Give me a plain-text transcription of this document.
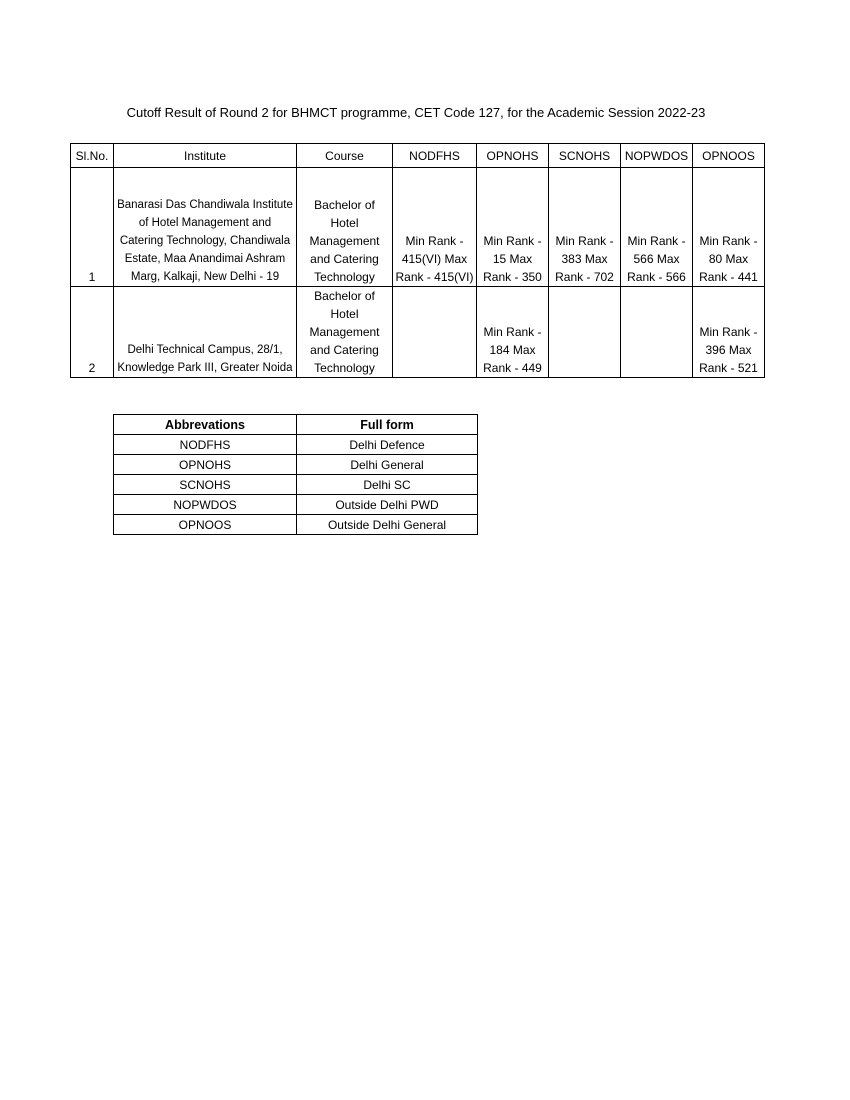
Cutoff Result of Round 2 for BHMCT programme, CET Code 127, for the Academic Session 2022-23
Sl.No.	Institute	Course	NODFHS	OPNOHS	SCNOHS	NOPWDOS	OPNOOS
1	Banarasi Das Chandiwala Institute of Hotel Management and Catering Technology, Chandiwala Estate, Maa Anandimai Ashram Marg, Kalkaji, New Delhi - 19	Bachelor of Hotel Management and Catering Technology	Min Rank - 415(VI) Max Rank - 415(VI)	Min Rank - 15 Max Rank - 350	Min Rank - 383 Max Rank - 702	Min Rank - 566 Max Rank - 566	Min Rank - 80 Max Rank - 441
2	Delhi Technical Campus, 28/1, Knowledge Park III, Greater Noida	Bachelor of Hotel Management and Catering Technology		Min Rank - 184 Max Rank - 449			Min Rank - 396 Max Rank - 521
Abbrevations	Full form
NODFHS	Delhi Defence
OPNOHS	Delhi General
SCNOHS	Delhi SC
NOPWDOS	Outside Delhi PWD
OPNOOS	Outside Delhi General
